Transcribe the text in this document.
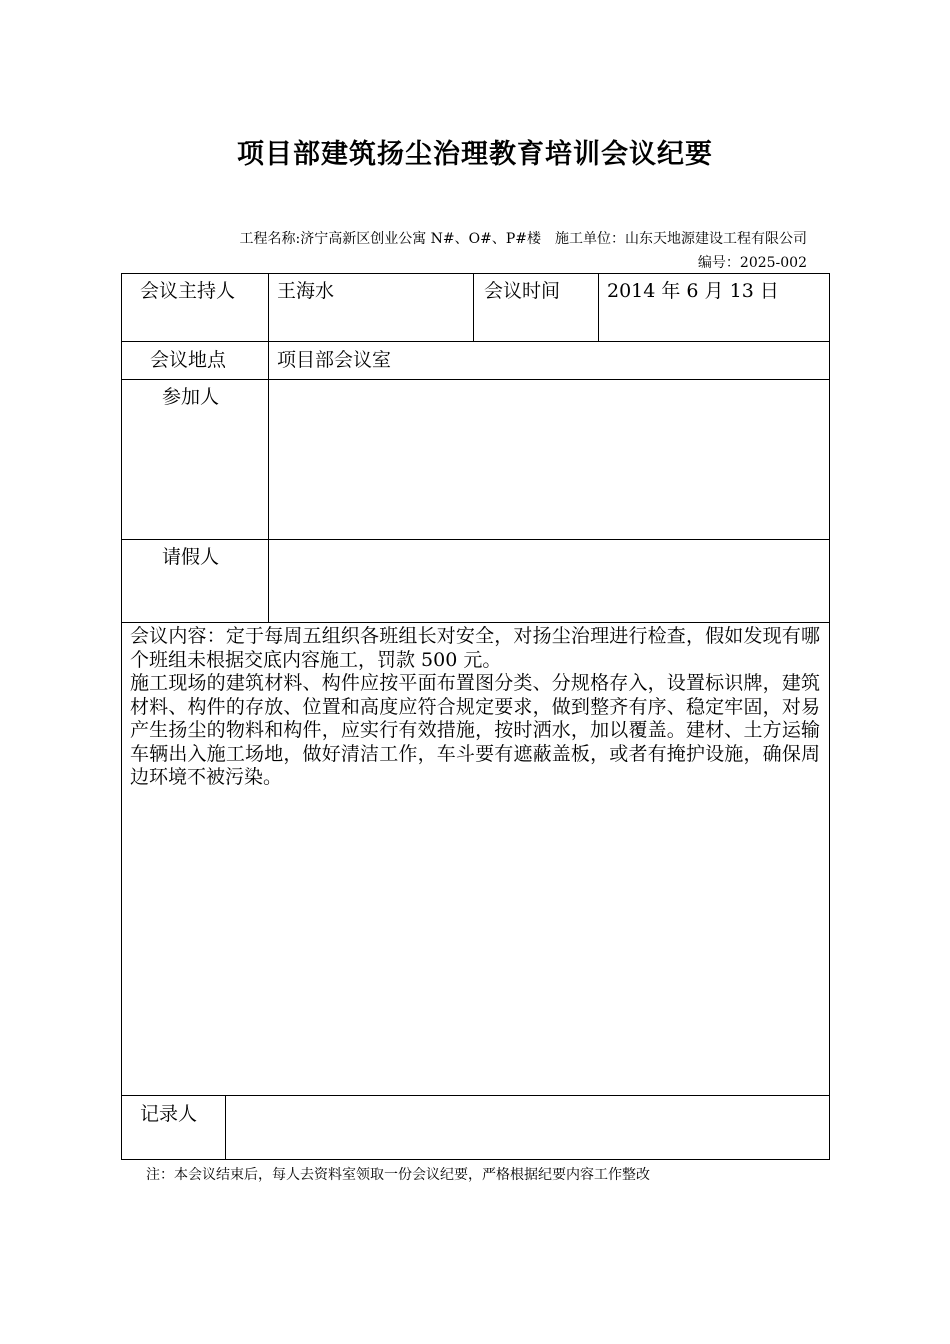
项目部建筑扬尘治理教育培训会议纪要
工程名称:济宁高新区创业公寓 N#、O#、P#楼 施工单位：山东天地源建设工程有限公司
编号：2025-002
会议主持人 王海水	会议时间 2014 年 6 月 13 日
会议地点	项目部会议室
参加人
请假人

会议内容：定于每周五组织各班组长对安全，对扬尘治理进行检查，假如发现有哪个班组未根据交底内容施工，罚款 500 元。

施工现场的建筑材料、构件应按平面布置图分类、分规格存入，设置标识牌，建筑材料、构件的存放、位置和高度应符合规定要求，做到整齐有序、稳定牢固，对易产生扬尘的物料和构件，应实行有效措施，按时洒水，加以覆盖。建材、土方运输车辆出入施工场地，做好清洁工作，车斗要有遮蔽盖板，或者有掩护设施，确保周边环境不被污染。

记录人
注：本会议结束后，每人去资料室领取一份会议纪要，严格根据纪要内容工作整改
